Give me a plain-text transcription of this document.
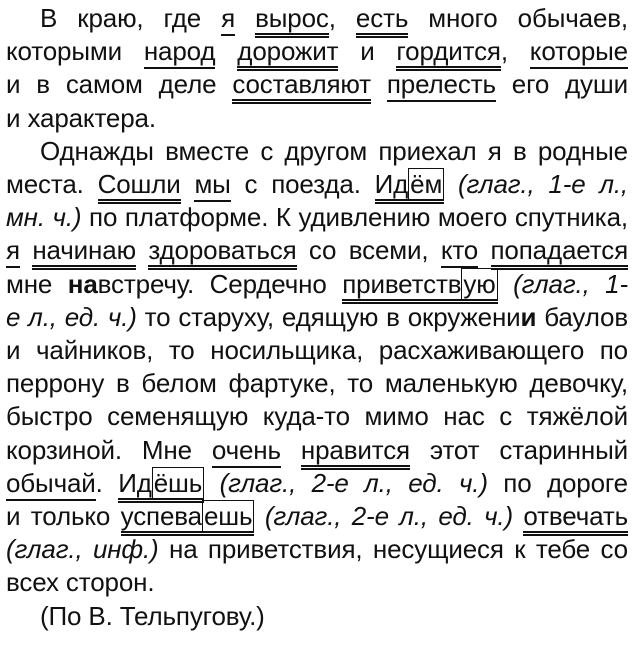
В краю, где я вырос, есть много обычаев,
которыми народ дорожит и гордится, которые
и в самом деле составляют прелесть его души
и характера.
Однажды вместе с другом приехал я в родные
места. Сошли мы с поезда. Идём (глаг., 1-е л.,
мн. ч.) по платформе. К удивлению моего спутника,
я начинаю здороваться со всеми, кто попадается
мне навстречу. Сердечно приветствую (глаг., 1-
е л., ед. ч.) то старуху, едящую в окружении баулов
и чайников, то носильщика, расхаживающего по
перрону в белом фартуке, то маленькую девочку,
быстро семенящую куда-то мимо нас с тяжёлой
корзиной. Мне очень нравится этот старинный
обычай. Идёшь (глаг., 2-е л., ед. ч.) по дороге
и только успеваешь (глаг., 2-е л., ед. ч.) отвечать
(глаг., инф.) на приветствия, несущиеся к тебе со
всех сторон.
(По В. Тельпугову.)
